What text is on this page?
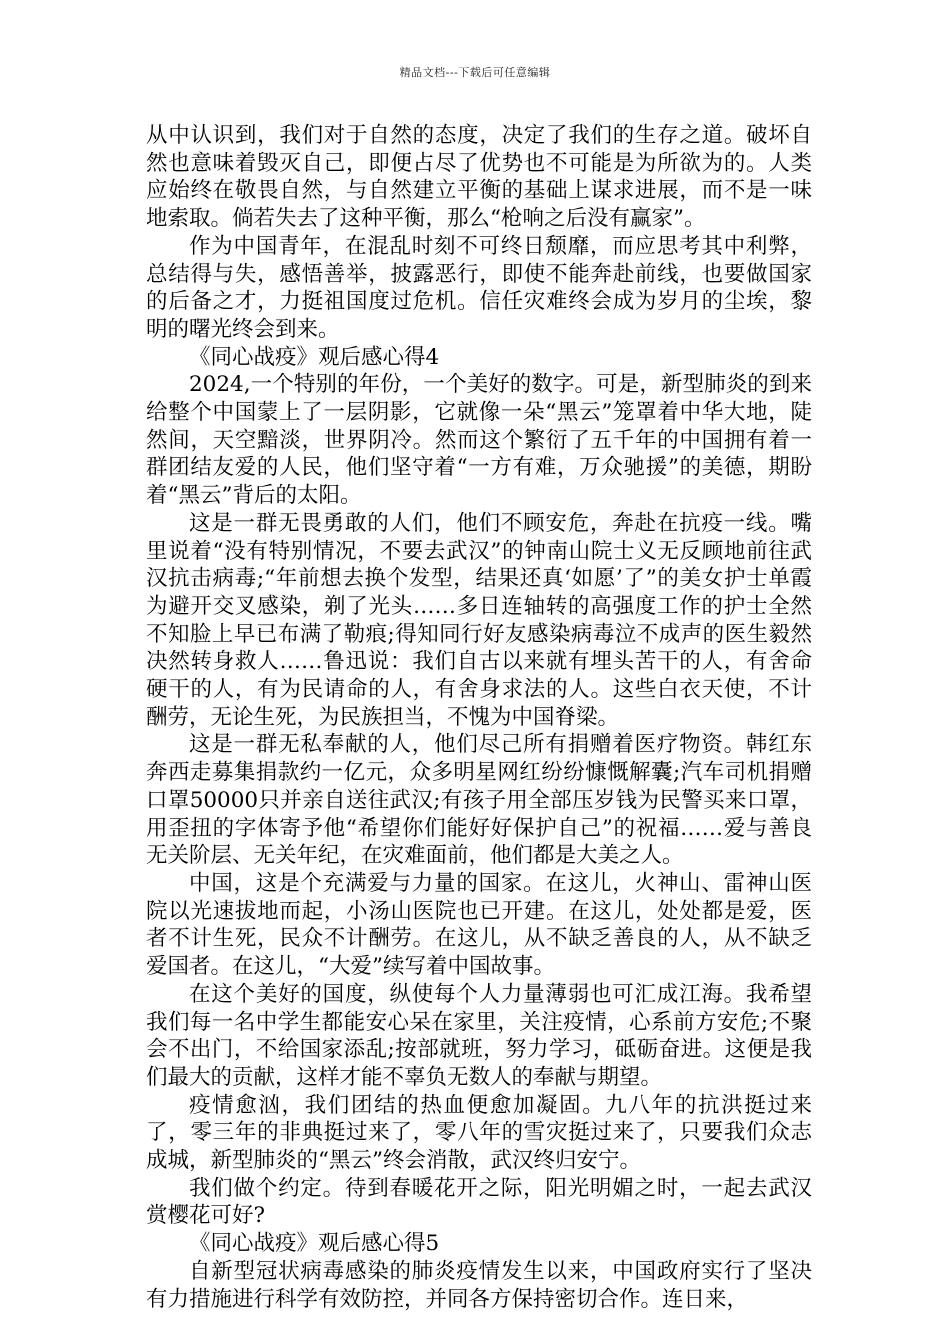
精品文档---下载后可任意编辑

从中认识到，我们对于自然的态度，决定了我们的生存之道。破坏自然也意味着毁灭自己，即便占尽了优势也不可能是为所欲为的。人类应始终在敬畏自然，与自然建立平衡的基础上谋求进展，而不是一味地索取。倘若失去了这种平衡，那么“枪响之后没有赢家”。

作为中国青年，在混乱时刻不可终日颓靡，而应思考其中利弊，总结得与失，感悟善举，披露恶行，即使不能奔赴前线，也要做国家的后备之才，力挺祖国度过危机。信任灾难终会成为岁月的尘埃，黎明的曙光终会到来。

《同心战疫》观后感心得4

2024,一个特别的年份，一个美好的数字。可是，新型肺炎的到来给整个中国蒙上了一层阴影，它就像一朵“黑云”笼罩着中华大地，陡然间，天空黯淡，世界阴冷。然而这个繁衍了五千年的中国拥有着一群团结友爱的人民，他们坚守着“一方有难，万众驰援”的美德，期盼着“黑云”背后的太阳。

这是一群无畏勇敢的人们，他们不顾安危，奔赴在抗疫一线。嘴里说着“没有特别情况，不要去武汉”的钟南山院士义无反顾地前往武汉抗击病毒;“年前想去换个发型，结果还真‘如愿’了”的美女护士单霞为避开交叉感染，剃了光头……多日连轴转的高强度工作的护士全然不知脸上早已布满了勒痕;得知同行好友感染病毒泣不成声的医生毅然决然转身救人……鲁迅说：我们自古以来就有埋头苦干的人，有舍命硬干的人，有为民请命的人，有舍身求法的人。这些白衣天使，不计酬劳，无论生死，为民族担当，不愧为中国脊梁。

这是一群无私奉献的人，他们尽己所有捐赠着医疗物资。韩红东奔西走募集捐款约一亿元，众多明星网红纷纷慷慨解囊;汽车司机捐赠口罩50000只并亲自送往武汉;有孩子用全部压岁钱为民警买来口罩，用歪扭的字体寄予他“希望你们能好好保护自己”的祝福……爱与善良无关阶层、无关年纪，在灾难面前，他们都是大美之人。

中国，这是个充满爱与力量的国家。在这儿，火神山、雷神山医院以光速拔地而起，小汤山医院也已开建。在这儿，处处都是爱，医者不计生死，民众不计酬劳。在这儿，从不缺乏善良的人，从不缺乏爱国者。在这儿，“大爱”续写着中国故事。

在这个美好的国度，纵使每个人力量薄弱也可汇成江海。我希望我们每一名中学生都能安心呆在家里，关注疫情，心系前方安危;不聚会不出门，不给国家添乱;按部就班，努力学习，砥砺奋进。这便是我们最大的贡献，这样才能不辜负无数人的奉献与期望。

疫情愈汹，我们团结的热血便愈加凝固。九八年的抗洪挺过来了，零三年的非典挺过来了，零八年的雪灾挺过来了，只要我们众志成城，新型肺炎的“黑云”终会消散，武汉终归安宁。

我们做个约定。待到春暖花开之际，阳光明媚之时，一起去武汉赏樱花可好?

《同心战疫》观后感心得5

自新型冠状病毒感染的肺炎疫情发生以来，中国政府实行了坚决有力措施进行科学有效防控，并同各方保持密切合作。连日来，
